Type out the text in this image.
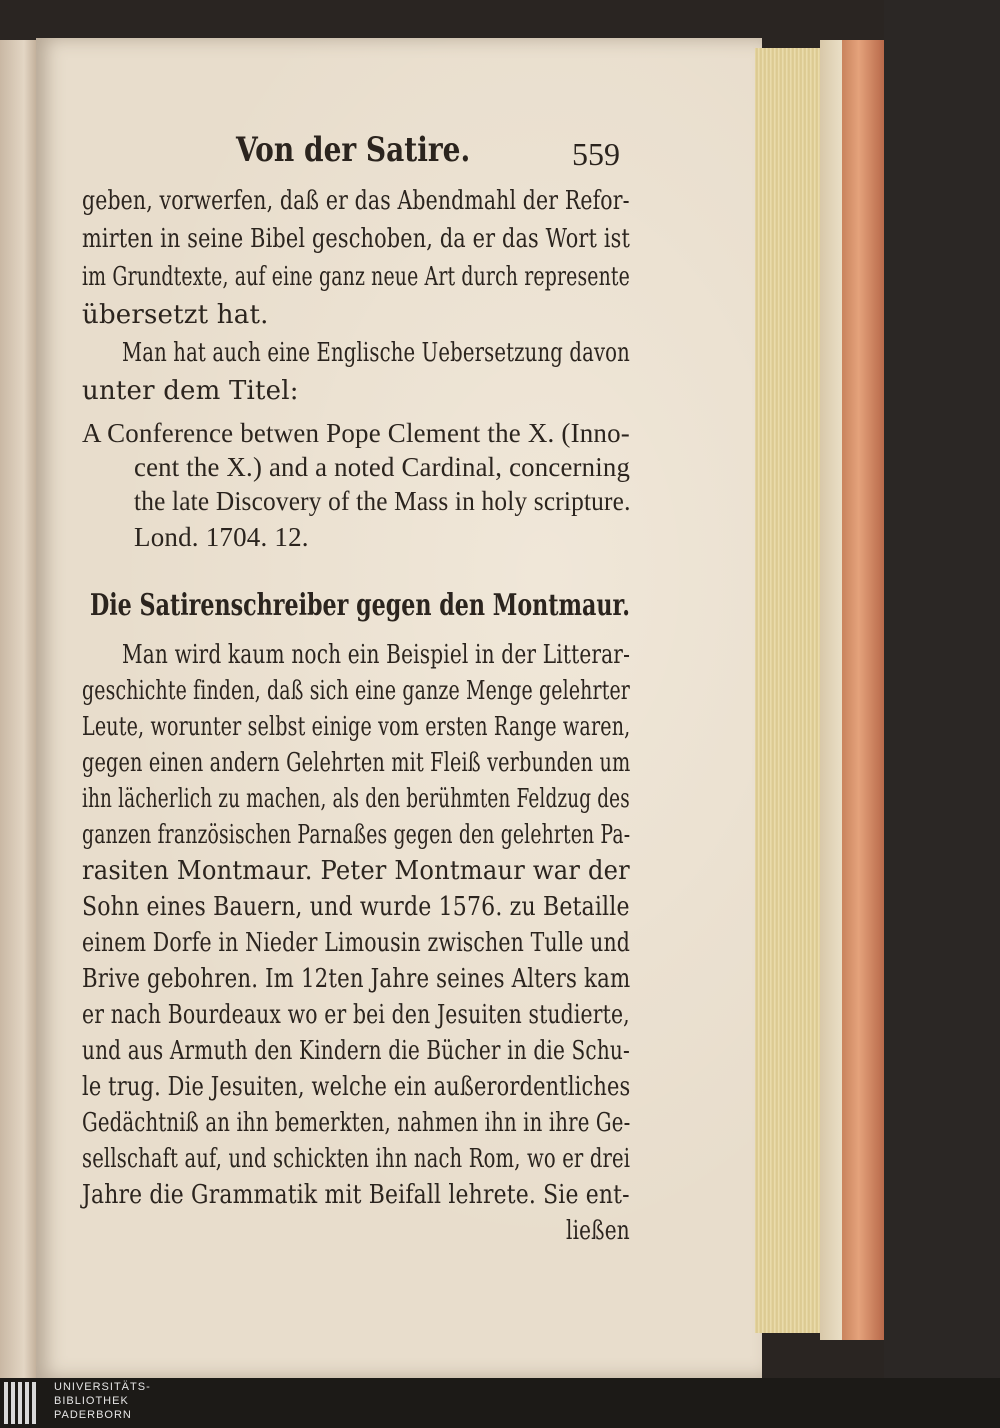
Von der Satire.	559

geben, vorwerfen, daß er das Abendmahl der Refor-

mirten in seine Bibel geschoben, da er das Wort ist

im Grundtexte, auf eine ganz neue Art durch represente

übersetzt hat.

Man hat auch eine Englische Uebersetzung davon

unter dem Titel:

A Conference betwen Pope Clement the X. (Inno-

cent the X.) and a noted Cardinal, concerning

the late Discovery of the Mass in holy scripture.

Lond. 1704. 12.

Die Satirenschreiber gegen den Montmaur.

Man wird kaum noch ein Beispiel in der Litterar-

geschichte finden, daß sich eine ganze Menge gelehrter

Leute, worunter selbst einige vom ersten Range waren,

gegen einen andern Gelehrten mit Fleiß verbunden um

ihn lächerlich zu machen, als den berühmten Feldzug des

ganzen französischen Parnaßes gegen den gelehrten Pa-

rasiten Montmaur. Peter Montmaur war der

Sohn eines Bauern, und wurde 1576. zu Betaille

einem Dorfe in Nieder Limousin zwischen Tulle und

Brive gebohren. Im 12ten Jahre seines Alters kam

er nach Bourdeaux wo er bei den Jesuiten studierte,

und aus Armuth den Kindern die Bücher in die Schu-

le trug. Die Jesuiten, welche ein außerordentliches

Gedächtniß an ihn bemerkten, nahmen ihn in ihre Ge-

sellschaft auf, und schickten ihn nach Rom, wo er drei

Jahre die Grammatik mit Beifall lehrete. Sie ent-

ließen

UNIVERSITÄTS-

BIBLIOTHEK

PADERBORN
